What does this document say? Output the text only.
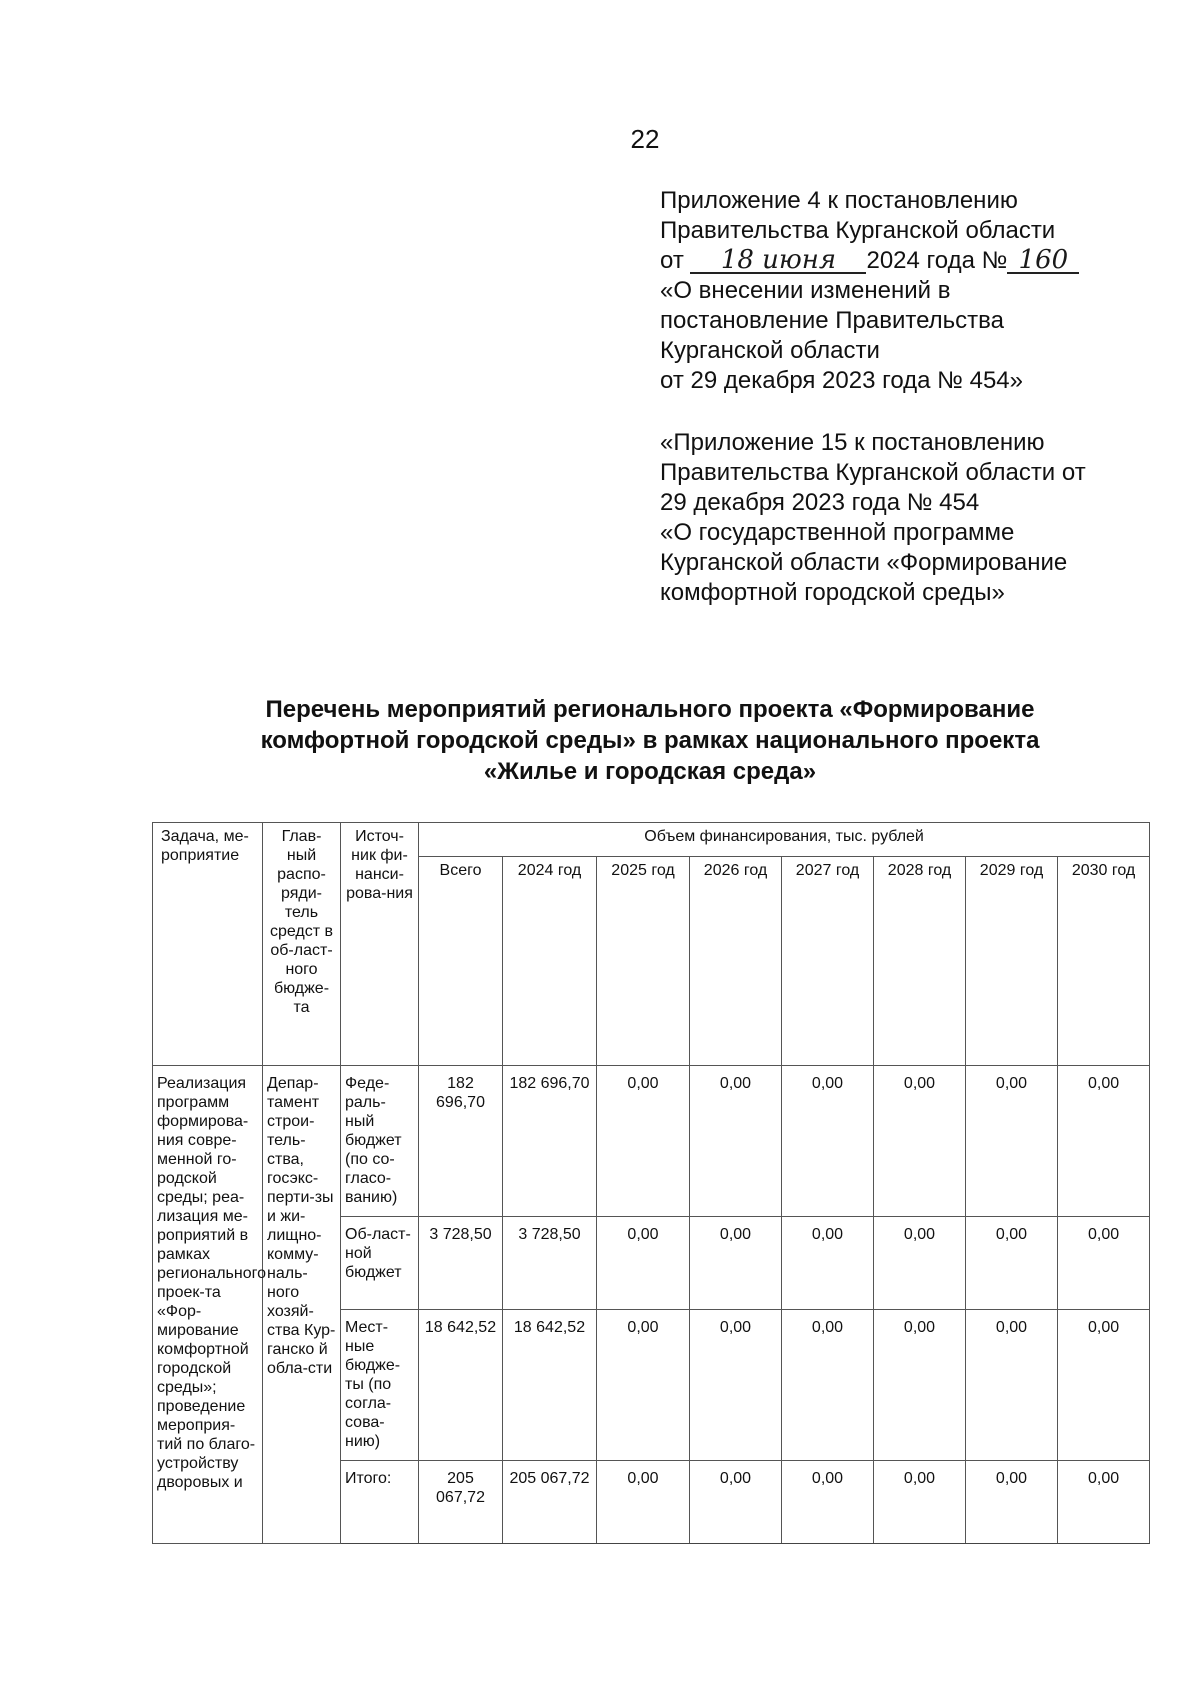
22
Приложение 4 к постановлению
Правительства Курганской области
от 18 июня 2024 года № 160
«О внесении изменений в
постановление Правительства
Курганской области
от 29 декабря 2023 года № 454»
«Приложение 15 к постановлению
Правительства Курганской области от
29 декабря 2023 года № 454
«О государственной программе
Курганской области «Формирование
комфортной городской среды»
Перечень мероприятий регионального проекта «Формирование
комфортной городской среды» в рамках национального проекта
«Жилье и городская среда»
Задача, ме-роприятие	Глав-ный распо-ряди-тель средст в об-ласт-ного бюдже-та	Источ-ник фи-нанси-рова-ния	Объем финансирования, тыс. рублей							
			Всего	2024 год	2025 год	2026 год	2027 год	2028 год	2029 год	2030 год
Реализация программ формирова-ния совре-менной го-родской среды; реа-лизация ме-роприятий в рамках регионального проек-та «Фор-мирование комфортной городской среды»; проведение мероприя-тий по благо-устройству дворовых и	Депар-тамент строи-тель-ства, госэкс-перти-зы и жи-лищно-комму-наль-ного хозяй-ства Кур-ганско й обла-сти	Феде-раль-ный бюджет (по со-гласо-ванию)	182 696,70	182 696,70	0,00	0,00	0,00	0,00	0,00	0,00
		Об-ласт-ной бюджет	3 728,50	3 728,50	0,00	0,00	0,00	0,00	0,00	0,00
		Мест-ные бюдже-ты (по согла-сова-нию)	18 642,52	18 642,52	0,00	0,00	0,00	0,00	0,00	0,00
		Итого:	205 067,72	205 067,72	0,00	0,00	0,00	0,00	0,00	0,00
